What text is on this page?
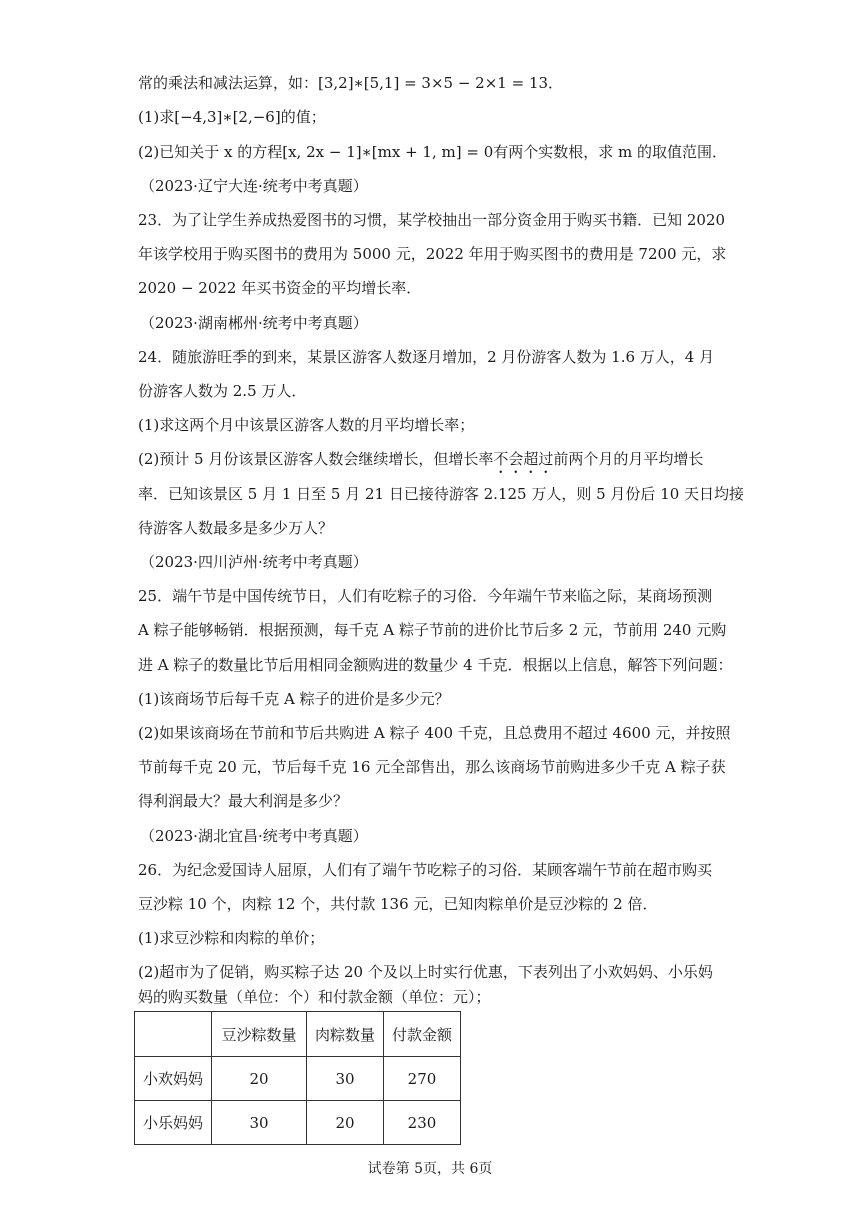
常的乘法和减法运算，如：[3,2]∗[5,1] = 3×5 − 2×1 = 13．
(1)求[−4,3]∗[2,−6]的值；
(2)已知关于 x 的方程[x, 2x − 1]∗[mx + 1, m] = 0有两个实数根，求 m 的取值范围．
（2023·辽宁大连·统考中考真题）
23．为了让学生养成热爱图书的习惯，某学校抽出一部分资金用于购买书籍．已知 2020
年该学校用于购买图书的费用为 5000 元，2022 年用于购买图书的费用是 7200 元，求
2020 − 2022 年买书资金的平均增长率．
（2023·湖南郴州·统考中考真题）
24．随旅游旺季的到来，某景区游客人数逐月增加，2 月份游客人数为 1.6 万人，4 月
份游客人数为 2.5 万人．
(1)求这两个月中该景区游客人数的月平均增长率；
(2)预计 5 月份该景区游客人数会继续增长，但增长率不会超过前两个月的月平均增长
率．已知该景区 5 月 1 日至 5 月 21 日已接待游客 2.125 万人，则 5 月份后 10 天日均接
待游客人数最多是多少万人？
（2023·四川泸州·统考中考真题）
25．端午节是中国传统节日，人们有吃粽子的习俗．今年端午节来临之际，某商场预测
A 粽子能够畅销．根据预测，每千克 A 粽子节前的进价比节后多 2 元，节前用 240 元购
进 A 粽子的数量比节后用相同金额购进的数量少 4 千克．根据以上信息，解答下列问题：
(1)该商场节后每千克 A 粽子的进价是多少元？
(2)如果该商场在节前和节后共购进 A 粽子 400 千克，且总费用不超过 4600 元，并按照
节前每千克 20 元，节后每千克 16 元全部售出，那么该商场节前购进多少千克 A 粽子获
得利润最大？最大利润是多少？
（2023·湖北宜昌·统考中考真题）
26．为纪念爱国诗人屈原，人们有了端午节吃粽子的习俗．某顾客端午节前在超市购买
豆沙粽 10 个，肉粽 12 个，共付款 136 元，已知肉粽单价是豆沙粽的 2 倍．
(1)求豆沙粽和肉粽的单价；
(2)超市为了促销，购买粽子达 20 个及以上时实行优惠，下表列出了小欢妈妈、小乐妈
妈的购买数量（单位：个）和付款金额（单位：元）；
	豆沙粽数量	肉粽数量	付款金额
小欢妈妈	20	30	270
小乐妈妈	30	20	230
试卷第 5页，共 6页
